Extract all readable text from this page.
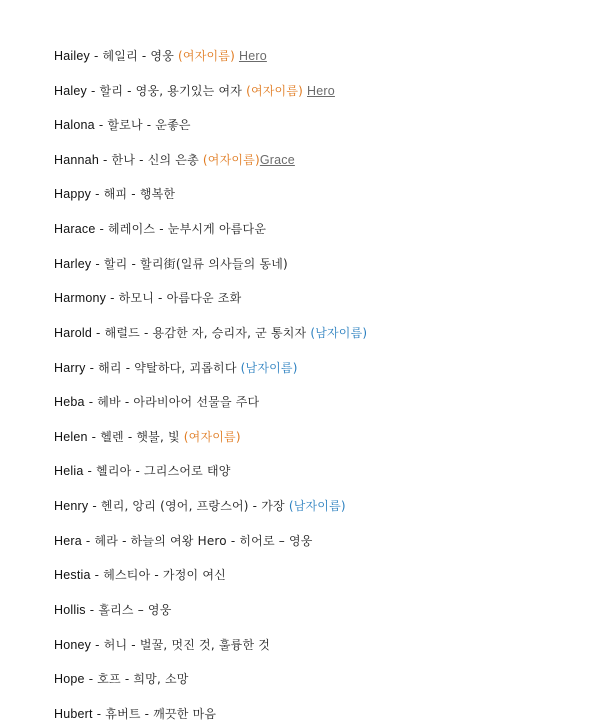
Hailey - 헤일리 - 영웅 (여자이름) Hero
Haley - 할리 - 영웅, 용기있는 여자 (여자이름) Hero
Halona - 할로나 - 운좋은
Hannah - 한나 - 신의 은총 (여자이름)Grace
Happy - 해피 - 행복한
Harace - 헤레이스 - 눈부시게 아름다운
Harley - 할리 - 할리街(일류 의사들의 동네)
Harmony - 하모니 - 아름다운 조화
Harold - 해럴드 - 용감한 자, 승리자, 군 통치자 (남자이름)
Harry - 해리 - 약탈하다, 괴롭히다 (남자이름)
Heba - 헤바 - 아라비아어 선물을 주다
Helen - 헬렌 - 햇불, 빛 (여자이름)
Helia - 헬리아 - 그리스어로 태양
Henry - 헨리, 앙리 (영어, 프랑스어) - 가장 (남자이름)
Hera - 헤라 - 하늘의 여왕 Hero - 히어로 – 영웅
Hestia - 헤스티아 - 가정이 여신
Hollis - 홀리스 – 영웅
Honey - 허니 - 벌꿀, 멋진 것, 훌륭한 것
Hope - 호프 - 희망, 소망
Hubert - 휴버트 - 깨끗한 마음
